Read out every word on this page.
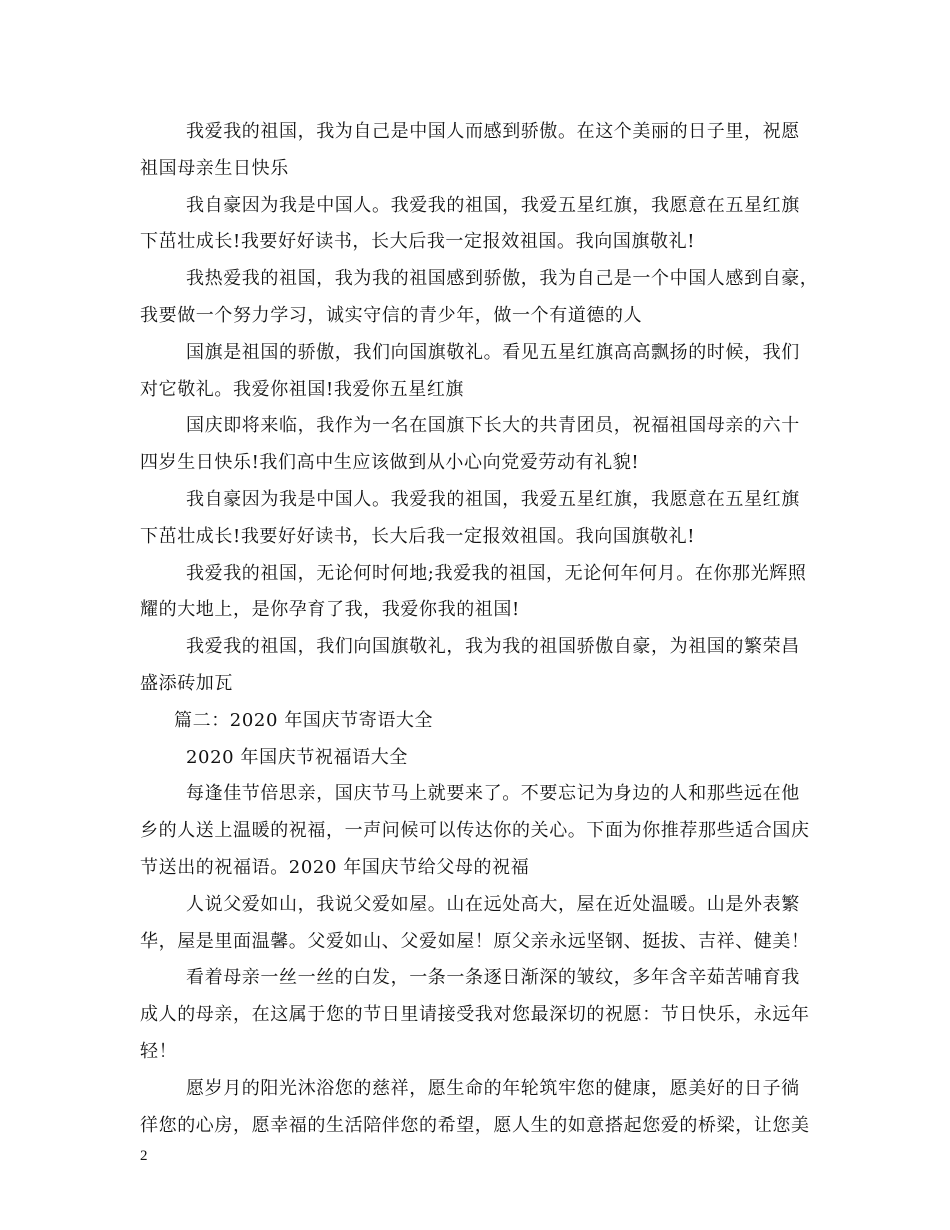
我爱我的祖国，我为自己是中国人而感到骄傲。在这个美丽的日子里，祝愿
祖国母亲生日快乐
我自豪因为我是中国人。我爱我的祖国，我爱五星红旗，我愿意在五星红旗
下茁壮成长!我要好好读书，长大后我一定报效祖国。我向国旗敬礼!
我热爱我的祖国，我为我的祖国感到骄傲，我为自己是一个中国人感到自豪，
我要做一个努力学习，诚实守信的青少年，做一个有道德的人
国旗是祖国的骄傲，我们向国旗敬礼。看见五星红旗高高飘扬的时候，我们
对它敬礼。我爱你祖国!我爱你五星红旗
国庆即将来临，我作为一名在国旗下长大的共青团员，祝福祖国母亲的六十
四岁生日快乐!我们高中生应该做到从小心向党爱劳动有礼貌!
我自豪因为我是中国人。我爱我的祖国，我爱五星红旗，我愿意在五星红旗
下茁壮成长!我要好好读书，长大后我一定报效祖国。我向国旗敬礼!
我爱我的祖国，无论何时何地;我爱我的祖国，无论何年何月。在你那光辉照
耀的大地上，是你孕育了我，我爱你我的祖国!
我爱我的祖国，我们向国旗敬礼，我为我的祖国骄傲自豪，为祖国的繁荣昌
盛添砖加瓦
篇二：2020 年国庆节寄语大全
2020 年国庆节祝福语大全
每逢佳节倍思亲，国庆节马上就要来了。不要忘记为身边的人和那些远在他
乡的人送上温暖的祝福，一声问候可以传达你的关心。下面为你推荐那些适合国庆
节送出的祝福语。2020 年国庆节给父母的祝福
人说父爱如山，我说父爱如屋。山在远处高大，屋在近处温暖。山是外表繁
华，屋是里面温馨。父爱如山、父爱如屋！原父亲永远坚钢、挺拔、吉祥、健美！
看着母亲一丝一丝的白发，一条一条逐日渐深的皱纹，多年含辛茹苦哺育我
成人的母亲，在这属于您的节日里请接受我对您最深切的祝愿：节日快乐，永远年
轻！
愿岁月的阳光沐浴您的慈祥，愿生命的年轮筑牢您的健康，愿美好的日子徜
徉您的心房，愿幸福的生活陪伴您的希望，愿人生的如意搭起您爱的桥梁，让您美
2
